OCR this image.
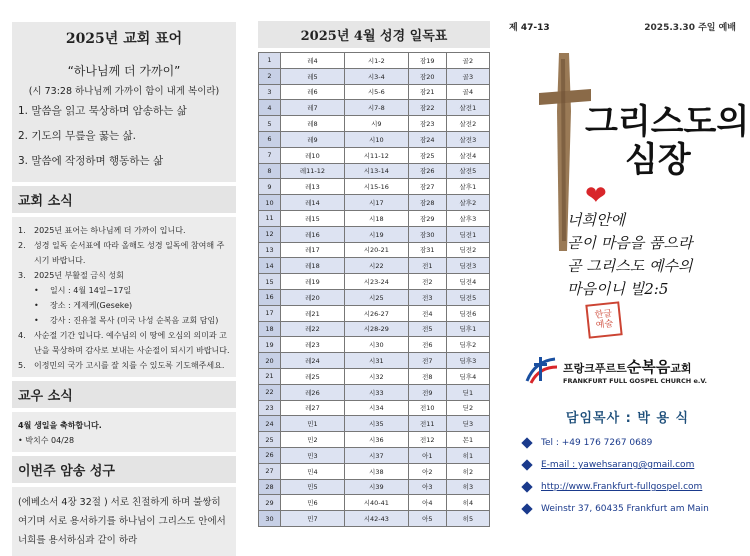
2025년 교회 표어
“하나님께 더 가까이”
(시 73:28 하나님께 가까이 함이 내게 복이라)
1. 말씀을 읽고 묵상하며 암송하는 삶
2. 기도의 무릎을 꿇는 삶.
3. 말씀에 작정하며 행동하는 삶
교회 소식
1.	2025년 표어는 하나님께 더 가까이 입니다.
2.	성경 일독 순서표에 따라 올해도 성경 일독에 참여해 주시기 바랍니다.
3.	2025년 부활절 금식 성회
•	일시 : 4월 14일~17일
•	장소 : 게제케(Geseke)
•	강사 : 진유철 목사 (미국 나성 순복음 교회 담임)
4.	사순절 기간 입니다. 예수님의 이 땅에 오심의 의미과 고난을 묵상하며 감사로 보내는 사순절이 되시기 바랍니다.
5.	이정민의 국가 고시를 잘 치를 수 있도록 기도해주세요.
교우 소식
4월 생일을 축하합니다.
• 박치수 04/28
이번주 암송 성구
(에베소서 4장 32절 ) 서로 친절하게 하며 불쌍히 여기며 서로 용서하기를 하나님이 그리스도 안에서 너희를 용서하심과 같이 하라
2025년 4월 성경 일독표
1	레4	시1-2	잠19	골2
2	레5	시3-4	잠20	골3
3	레6	시5-6	잠21	골4
4	레7	시7-8	잠22	살전1
5	레8	시9	잠23	살전2
6	레9	시10	잠24	살전3
7	레10	시11-12	잠25	살전4
8	레11-12	시13-14	잠26	살전5
9	레13	시15-16	잠27	살후1
10	레14	시17	잠28	살후2
11	레15	시18	잠29	살후3
12	레16	시19	잠30	딤전1
13	레17	시20-21	잠31	딤전2
14	레18	시22	전1	딤전3
15	레19	시23-24	전2	딤전4
16	레20	시25	전3	딤전5
17	레21	시26-27	전4	딤전6
18	레22	시28-29	전5	딤후1
19	레23	시30	전6	딤후2
20	레24	시31	전7	딤후3
21	레25	시32	전8	딤후4
22	레26	시33	전9	딛1
23	레27	시34	전10	딛2
24	민1	시35	전11	딛3
25	민2	시36	전12	몬1
26	민3	시37	아1	히1
27	민4	시38	아2	히2
28	민5	시39	아3	히3
29	민6	시40-41	아4	히4
30	민7	시42-43	아5	히5
제 47-13	2025.3.30 주일 예배
그리스도의
심장
❤
너희안에
곧이 마음을 품으라
곧 그리스도 예수의
마음이니 빌2:5
한글
예술
프랑크푸르트순복음교회
FRANKFURT FULL GOSPEL CHURCH e.V.
담임목사 : 박 용 식
Tel : +49 176 7267 0689
E-mail : yawehsarang@gmail.com
http://www.Frankfurt-fullgospel.com
Weinstr 37, 60435 Frankfurt am Main
